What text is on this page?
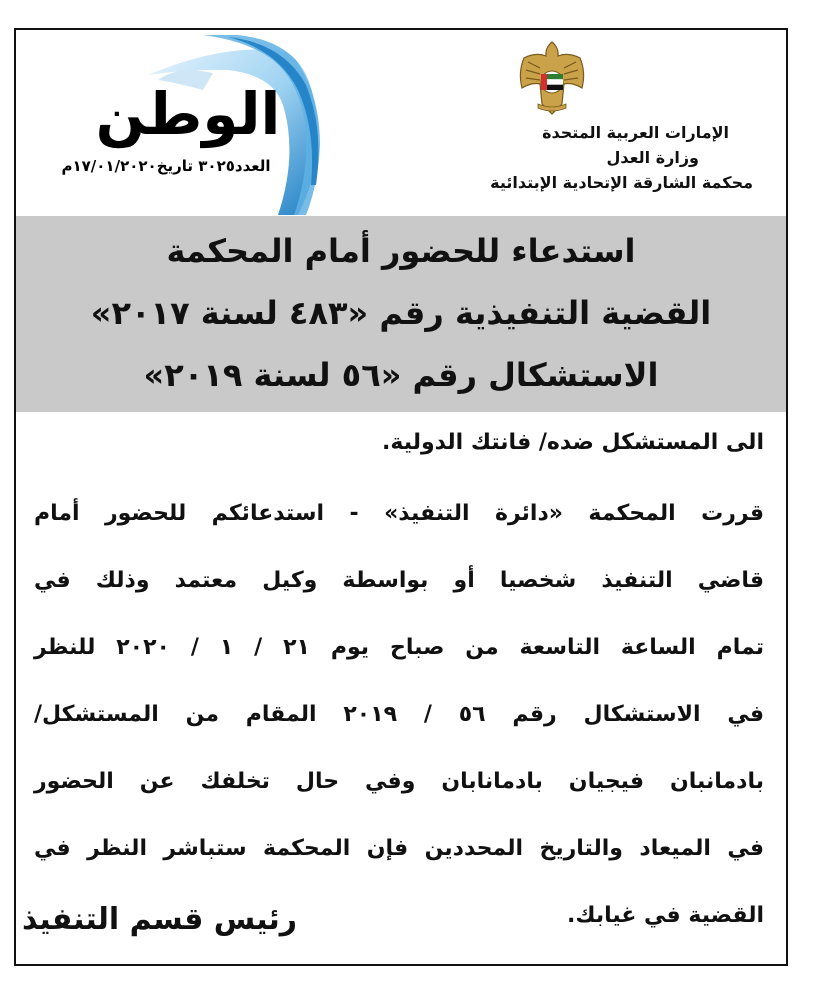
الوطن
العدد٣٠٢٥ تاريخ١٧/٠١/٢٠٢٠م
الإمارات العربية المتحدة
وزارة العدل
محكمة الشارقة الإتحادية الإبتدائية
استدعاء للحضور أمام المحكمة
القضية التنفيذية رقم «٤٨٣ لسنة ٢٠١٧»
الاستشكال رقم «٥٦ لسنة ٢٠١٩»
الى المستشكل ضده/ فانتك الدولية.
قررت المحكمة «دائرة التنفيذ» - استدعائكم للحضور أمام
قاضي التنفيذ شخصيا أو بواسطة وكيل معتمد وذلك في
تمام الساعة التاسعة من صباح يوم ٢١ / ١ / ٢٠٢٠ للنظر
في الاستشكال رقم ٥٦ / ٢٠١٩ المقام من المستشكل/
بادمانبان فيجيان بادمانابان وفي حال تخلفك عن الحضور
في الميعاد والتاريخ المحددين فإن المحكمة ستباشر النظر في
القضية في غيابك.
رئيس قسم التنفيذ
